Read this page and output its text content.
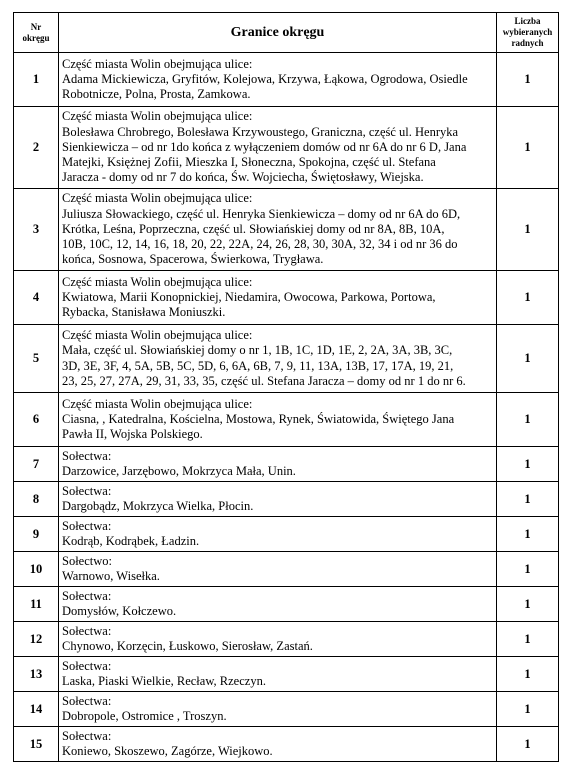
Nr
okręgu	Granice okręgu	Liczba
wybieranych
radnych

1	Część miasta Wolin obejmująca ulice:
Adama Mickiewicza, Gryfitów, Kolejowa, Krzywa, Łąkowa, Ogrodowa, Osiedle
Robotnicze, Polna, Prosta, Zamkowa.	1
2	Część miasta Wolin obejmująca ulice:
Bolesława Chrobrego, Bolesława Krzywoustego, Graniczna, część ul. Henryka
Sienkiewicza – od nr 1do końca z wyłączeniem domów od nr 6A do nr 6 D, Jana
Matejki, Księżnej Zofii, Mieszka I, Słoneczna, Spokojna, część ul. Stefana
Jaracza - domy od nr 7 do końca, Św. Wojciecha, Świętosławy, Wiejska.	1
3	Część miasta Wolin obejmująca ulice:
Juliusza Słowackiego, część ul. Henryka Sienkiewicza – domy od nr 6A do 6D,
Krótka, Leśna, Poprzeczna, część ul. Słowiańskiej domy od nr 8A, 8B, 10A,
10B, 10C, 12, 14, 16, 18, 20, 22, 22A, 24, 26, 28, 30, 30A, 32, 34 i od nr 36 do
końca, Sosnowa, Spacerowa, Świerkowa, Trygława.	1
4	Część miasta Wolin obejmująca ulice:
Kwiatowa, Marii Konopnickiej, Niedamira, Owocowa, Parkowa, Portowa,
Rybacka, Stanisława Moniuszki.	1
5	Część miasta Wolin obejmująca ulice:
Mała, część ul. Słowiańskiej domy o nr 1, 1B, 1C, 1D, 1E, 2, 2A, 3A, 3B, 3C,
3D, 3E, 3F, 4, 5A, 5B, 5C, 5D, 6, 6A, 6B, 7, 9, 11, 13A, 13B, 17, 17A, 19, 21,
23, 25, 27, 27A, 29, 31, 33, 35, część ul. Stefana Jaracza – domy od nr 1 do nr 6.	1
6	Część miasta Wolin obejmująca ulice:
Ciasna, , Katedralna, Kościelna, Mostowa, Rynek, Światowida, Świętego Jana
Pawła II, Wojska Polskiego.	1
7	Sołectwa:
Darzowice, Jarzębowo, Mokrzyca Mała, Unin.	1
8	Sołectwa:
Dargobądz, Mokrzyca Wielka, Płocin.	1
9	Sołectwa:
Kodrąb, Kodrąbek, Ładzin.	1
10	Sołectwo:
Warnowo, Wisełka.	1
11	Sołectwa:
Domysłów, Kołczewo.	1
12	Sołectwa:
Chynowo, Korzęcin, Łuskowo, Sierosław, Zastań.	1
13	Sołectwa:
Laska, Piaski Wielkie, Recław, Rzeczyn.	1
14	Sołectwa:
Dobropole, Ostromice , Troszyn.	1
15	Sołectwa:
Koniewo, Skoszewo, Zagórze, Wiejkowo.	1
